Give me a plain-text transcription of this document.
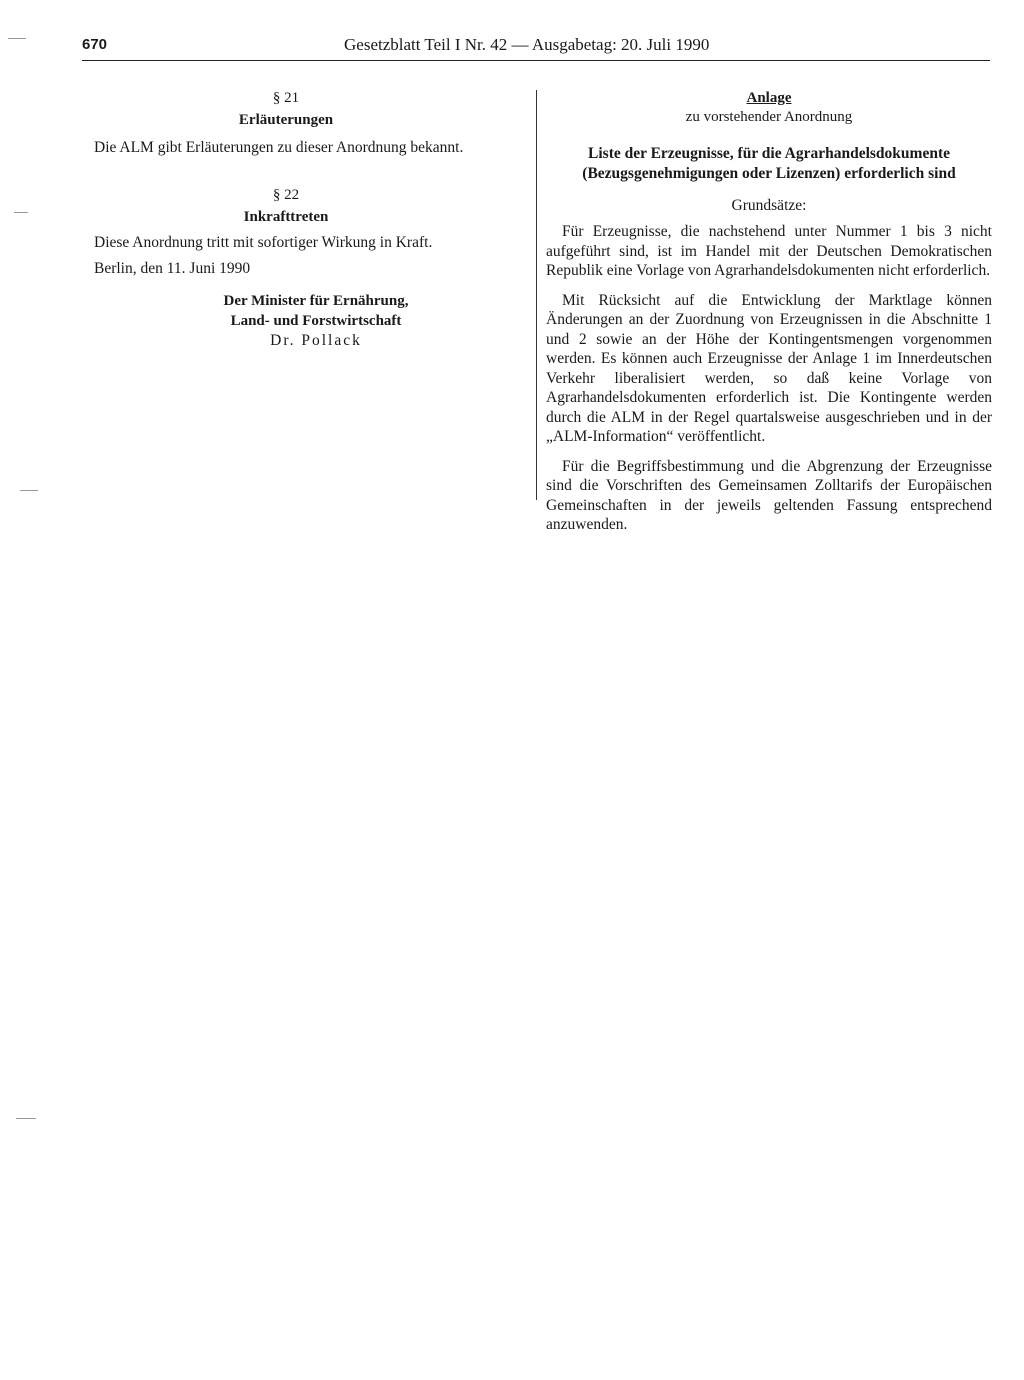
670	Gesetzblatt Teil I Nr. 42 — Ausgabetag: 20. Juli 1990
§ 21
Erläuterungen

Die ALM gibt Erläuterungen zu dieser Anordnung bekannt.

§ 22
Inkrafttreten

Diese Anordnung tritt mit sofortiger Wirkung in Kraft.

Berlin, den 11. Juni 1990

Der Minister für Ernährung,
Land- und Forstwirtschaft
Dr. Pollack
Anlage
zu vorstehender Anordnung
Liste der Erzeugnisse, für die Agrarhandelsdokumente
(Bezugsgenehmigungen oder Lizenzen) erforderlich sind
Grundsätze:

Für Erzeugnisse, die nachstehend unter Nummer 1 bis 3 nicht aufgeführt sind, ist im Handel mit der Deutschen Demokratischen Republik eine Vorlage von Agrarhandelsdokumenten nicht erforderlich.

Mit Rücksicht auf die Entwicklung der Marktlage können Änderungen an der Zuordnung von Erzeugnissen in die Abschnitte 1 und 2 sowie an der Höhe der Kontingentsmengen vorgenommen werden. Es können auch Erzeugnisse der Anlage 1 im Innerdeutschen Verkehr liberalisiert werden, so daß keine Vorlage von Agrarhandelsdokumenten erforderlich ist. Die Kontingente werden durch die ALM in der Regel quartalsweise ausgeschrieben und in der „ALM-Information“ veröffentlicht.

Für die Begriffsbestimmung und die Abgrenzung der Erzeugnisse sind die Vorschriften des Gemeinsamen Zolltarifs der Europäischen Gemeinschaften in der jeweils geltenden Fassung entsprechend anzuwenden.
